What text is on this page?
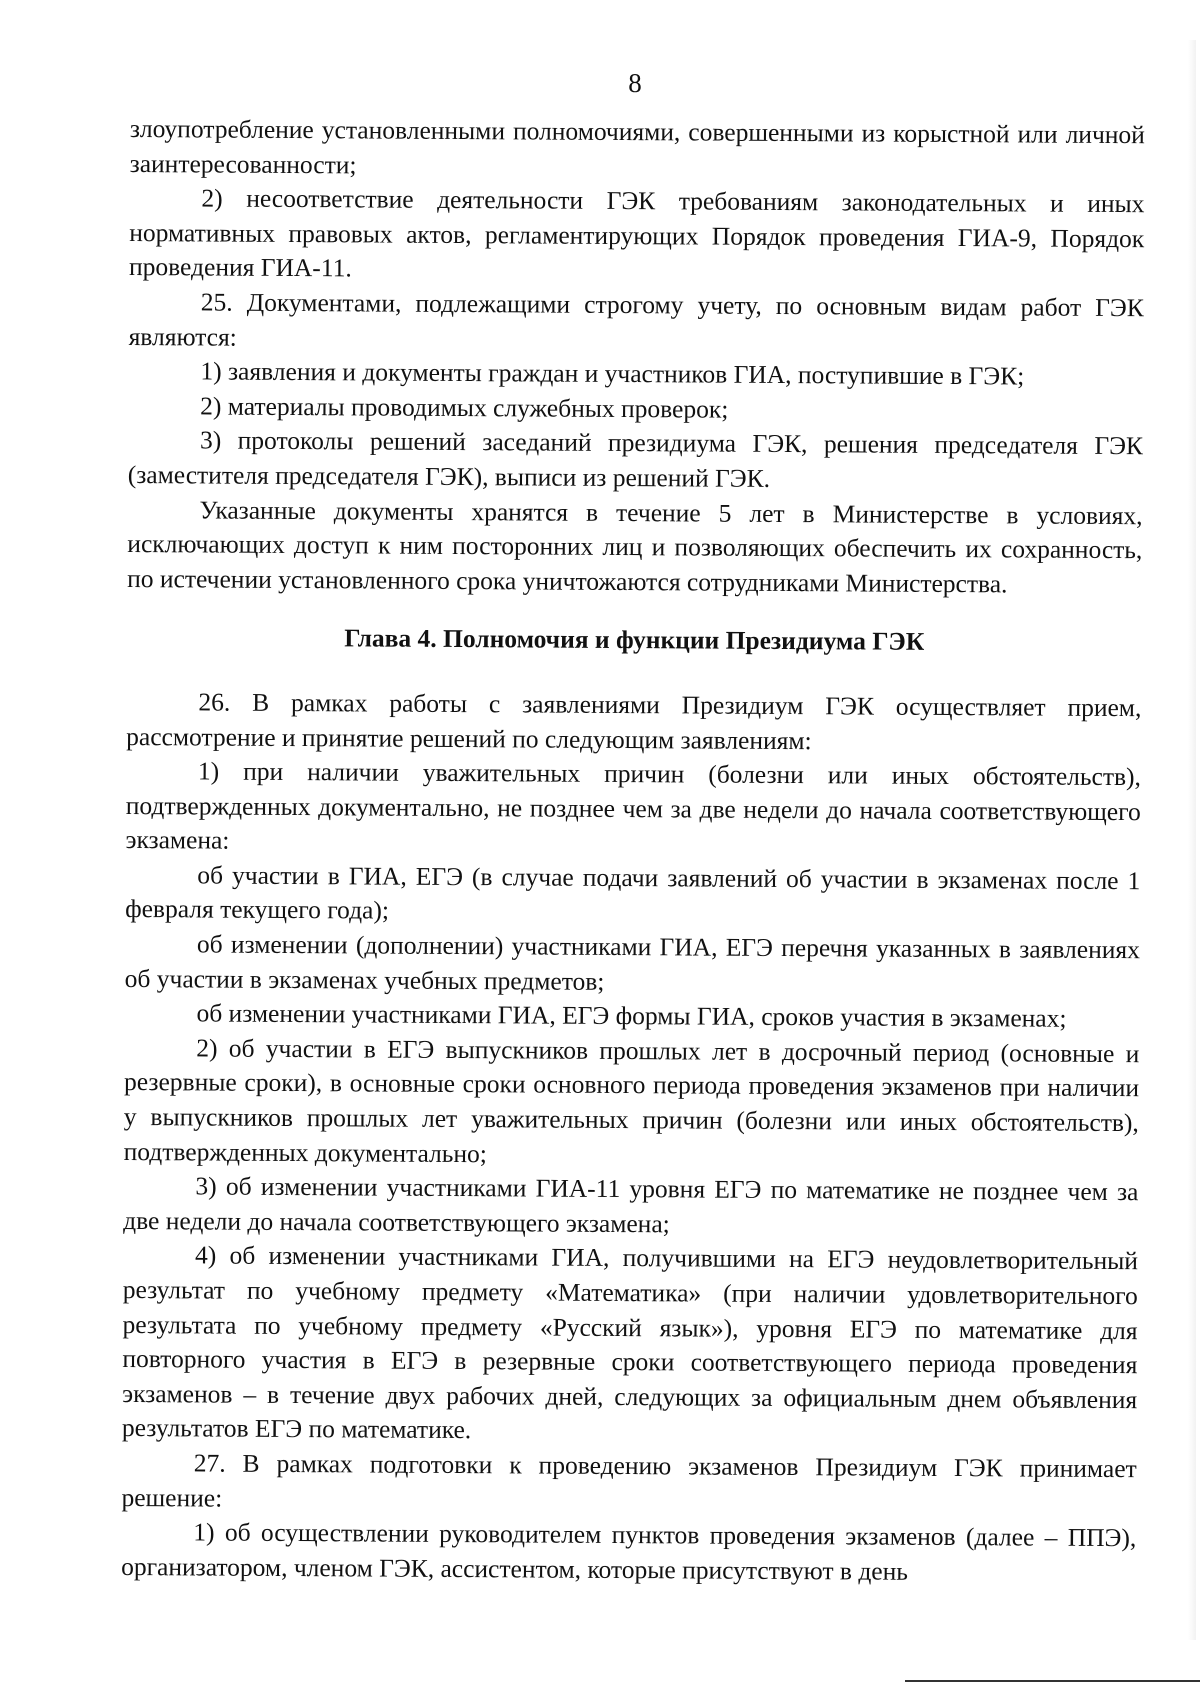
8

злоупотребление установленными полномочиями, совершенными из корыстной или личной заинтересованности;

2) несоответствие деятельности ГЭК требованиям законодательных и иных нормативных правовых актов, регламентирующих Порядок проведения ГИА-9, Порядок проведения ГИА-11.

25. Документами, подлежащими строгому учету, по основным видам работ ГЭК являются:

1) заявления и документы граждан и участников ГИА, поступившие в ГЭК;

2) материалы проводимых служебных проверок;

3) протоколы решений заседаний президиума ГЭК, решения председателя ГЭК (заместителя председателя ГЭК), выписи из решений ГЭК.

Указанные документы хранятся в течение 5 лет в Министерстве в условиях, исключающих доступ к ним посторонних лиц и позволяющих обеспечить их сохранность, по истечении установленного срока уничтожаются сотрудниками Министерства.

Глава 4. Полномочия и функции Президиума ГЭК

26. В рамках работы с заявлениями Президиум ГЭК осуществляет прием, рассмотрение и принятие решений по следующим заявлениям:

1) при наличии уважительных причин (болезни или иных обстоятельств), подтвержденных документально, не позднее чем за две недели до начала соответствующего экзамена:

об участии в ГИА, ЕГЭ (в случае подачи заявлений об участии в экзаменах после 1 февраля текущего года);

об изменении (дополнении) участниками ГИА, ЕГЭ перечня указанных в заявлениях об участии в экзаменах учебных предметов;

об изменении участниками ГИА, ЕГЭ формы ГИА, сроков участия в экзаменах;

2) об участии в ЕГЭ выпускников прошлых лет в досрочный период (основные и резервные сроки), в основные сроки основного периода проведения экзаменов при наличии у выпускников прошлых лет уважительных причин (болезни или иных обстоятельств), подтвержденных документально;

3) об изменении участниками ГИА-11 уровня ЕГЭ по математике не позднее чем за две недели до начала соответствующего экзамена;

4) об изменении участниками ГИА, получившими на ЕГЭ неудовлетворительный результат по учебному предмету «Математика» (при наличии удовлетворительного результата по учебному предмету «Русский язык»), уровня ЕГЭ по математике для повторного участия в ЕГЭ в резервные сроки соответствующего периода проведения экзаменов – в течение двух рабочих дней, следующих за официальным днем объявления результатов ЕГЭ по математике.

27. В рамках подготовки к проведению экзаменов Президиум ГЭК принимает решение:

1) об осуществлении руководителем пунктов проведения экзаменов (далее – ППЭ), организатором, членом ГЭК, ассистентом, которые присутствуют в день
